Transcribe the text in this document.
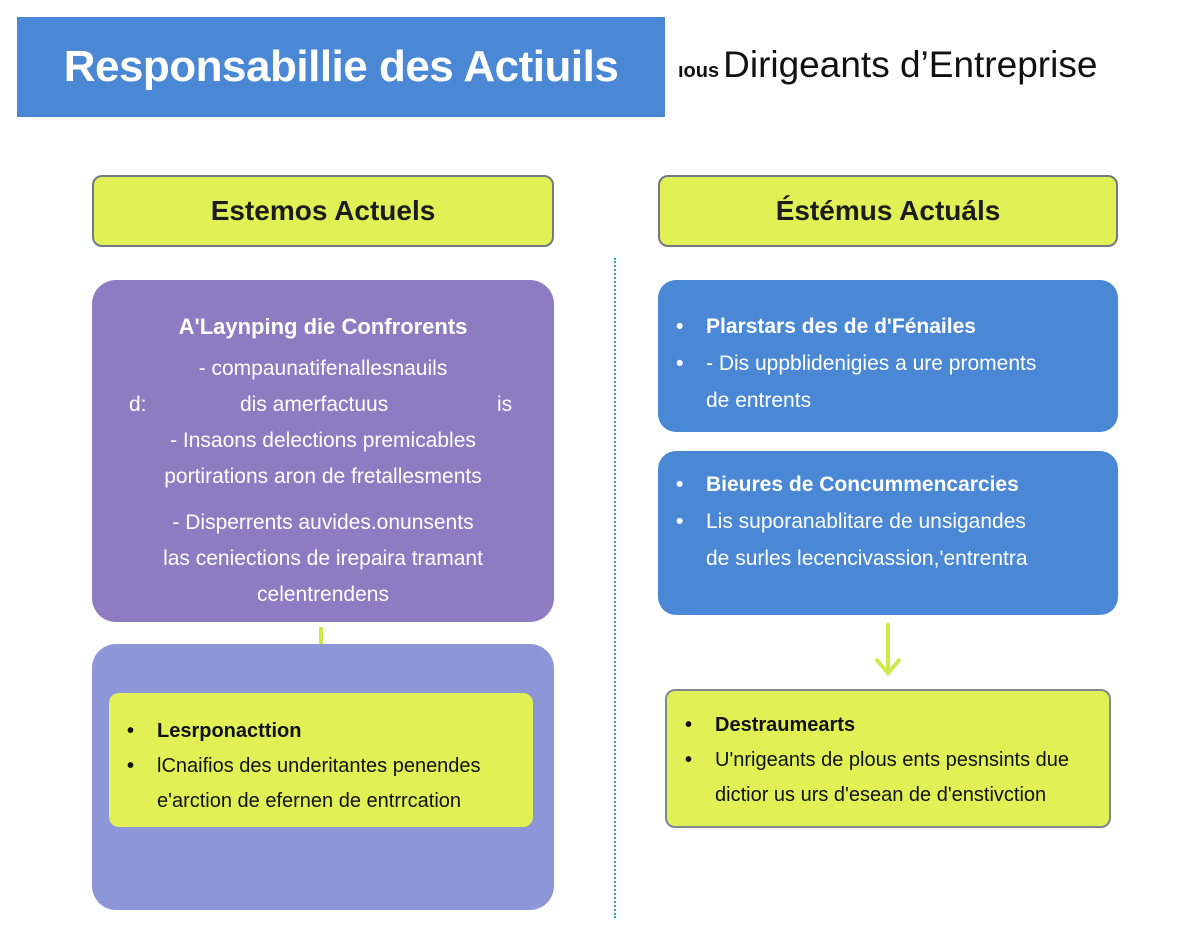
Responsabillie des Actiuils	ıous Dirigeants d’Entreprise
Estemos Actuels	Éstémus Actuáls
A'Laynping die Confrorents
- compaunatifenallesnauils
d:	dis amerfactuus	is
- Insaons delections premicables
portirations aron de fretallesments
- Disperrents auvides.onunsents
las ceniections de irepaira tramant
celentrendens
•	Lesrponacttion
•	lCnaifios des underitantes penendes
e'arction de efernen de entrrcation
•	Plarstars des de d'Fénailes
•	- Dis uppblidenigies a ure proments
de entrents
•	Bieures de Concummencarcies
•	Lis suporanablitare de unsigandes
de surles lecencivassion,'entrentra
•	Destraumearts
•	U'nrigeants de plous ents pesnsints due
dictior us urs d'esean de d'enstivction
